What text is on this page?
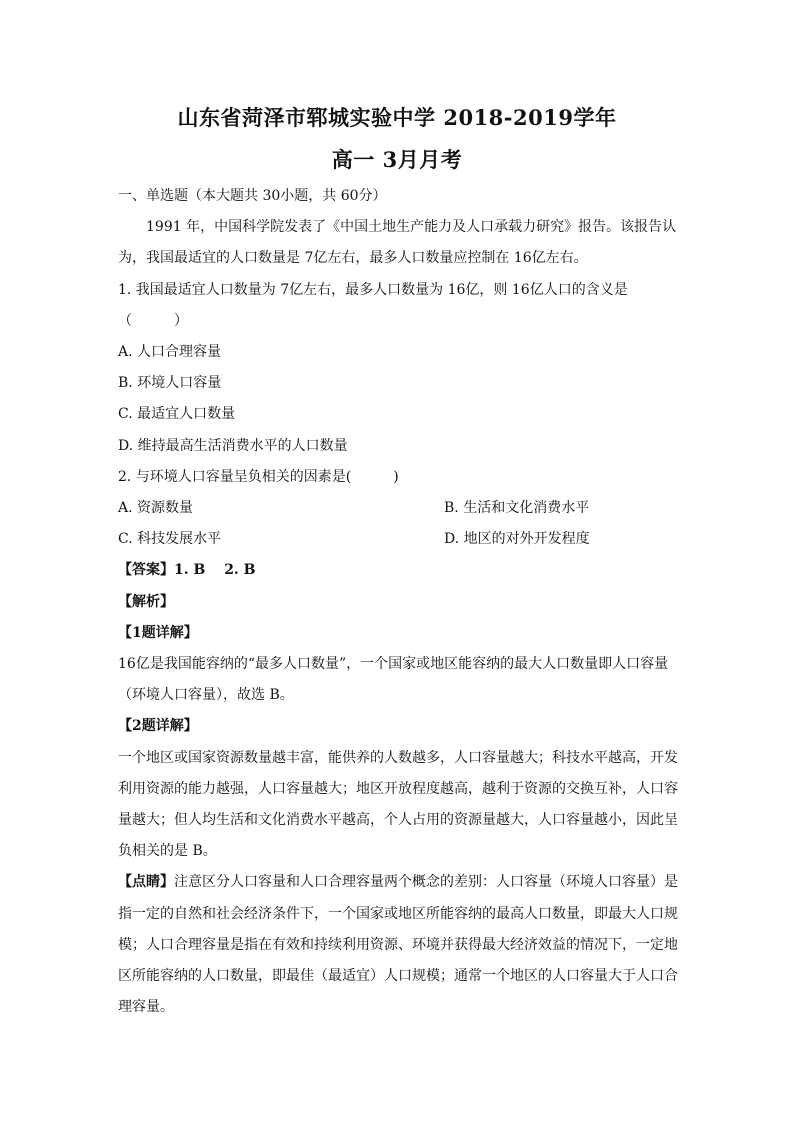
山东省菏泽市郓城实验中学 2018-2019学年
高一 3月月考
一、单选题（本大题共 30小题，共 60分）
1991 年，中国科学院发表了《中国土地生产能力及人口承载力研究》报告。该报告认
为，我国最适宜的人口数量是 7亿左右，最多人口数量应控制在 16亿左右。
1. 我国最适宜人口数量为 7亿左右，最多人口数量为 16亿，则 16亿人口的含义是
（　　　）
A. 人口合理容量
B. 环境人口容量
C. 最适宜人口数量
D. 维持最高生活消费水平的人口数量
2. 与环境人口容量呈负相关的因素是(　　　)
A. 资源数量	B. 生活和文化消费水平
C. 科技发展水平	D. 地区的对外开发程度
【答案】1. B　 2. B
【解析】
【1题详解】
16亿是我国能容纳的“最多人口数量”，一个国家或地区能容纳的最大人口数量即人口容量
（环境人口容量），故选 B。
【2题详解】
一个地区或国家资源数量越丰富，能供养的人数越多，人口容量越大；科技水平越高，开发
利用资源的能力越强，人口容量越大；地区开放程度越高，越利于资源的交换互补，人口容
量越大；但人均生活和文化消费水平越高，个人占用的资源量越大，人口容量越小，因此呈
负相关的是 B。
【点睛】注意区分人口容量和人口合理容量两个概念的差别：人口容量（环境人口容量）是
指一定的自然和社会经济条件下，一个国家或地区所能容纳的最高人口数量，即最大人口规
模；人口合理容量是指在有效和持续利用资源、环境并获得最大经济效益的情况下，一定地
区所能容纳的人口数量，即最佳（最适宜）人口规模；通常一个地区的人口容量大于人口合
理容量。
